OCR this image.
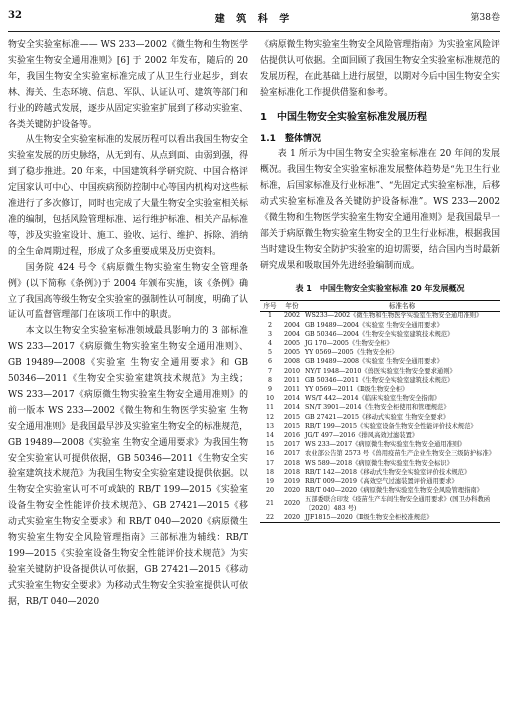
32	建 筑 科 学	第38卷

物安全实验室标准—— WS 233—2002《微生物和生物医学实验室生物安全通用准则》[6] 于 2002 年发布，随后的 20 年，我国生物安全实验室标准完成了从卫生行业起步，到农林、海关、生态环境、信息、军队、认证认可、建筑等部门和行业的跨越式发展，逐步从固定实验室扩展到了移动实验室、各类关键防护设备等。

从生物安全实验室标准的发展历程可以看出我国生物安全实验室发展的历史脉络，从无到有、从点到面、由弱到强，得到了稳步推进。20 年来，中国建筑科学研究院、中国合格评定国家认可中心、中国疾病预防控制中心等国内机构对这些标准进行了多次修订，同时也完成了大量生物安全实验室相关标准的编制，包括风险管理标准、运行维护标准、相关产品标准等，涉及实验室设计、施工、验收、运行、维护、拆除、消纳的全生命周期过程，形成了众多重要成果及历史资料。

国务院 424 号令《病原微生物实验室生物安全管理条例》(以下简称《条例》)于 2004 年颁布实施，该《条例》确立了我国高等级生物安全实验室的强制性认可制度，明确了认证认可监督管理部门在该项工作中的职责。

本文以生物安全实验室标准领域最具影响力的 3 部标准 WS 233—2017《病原微生物实验室生物安全通用准则》、GB 19489—2008《实验室 生物安全通用要求》和 GB 50346—2011《生物安全实验室建筑技术规范》为主线；WS 233—2017《病原微生物实验室生物安全通用准则》的前一版本 WS 233—2002《微生物和生物医学实验室 生物安全通用准则》是我国最早涉及实验室生物安全的标准规范，GB 19489—2008《实验室 生物安全通用要求》为我国生物安全实验室认可提供依据，GB 50346—2011《生物安全实验室建筑技术规范》为我国生物安全实验室建设提供依据。以生物安全实验室认可不可或缺的 RB/T 199—2015《实验室设备生物安全性能评价技术规范》、GB 27421—2015《移动式实验室生物安全要求》和 RB/T 040—2020《病原微生物实验室生物安全风险管理指南》三部标准为辅线：RB/T 199—2015《实验室设备生物安全性能评价技术规范》为实验室关键防护设备提供认可依据，GB 27421—2015《移动式实验室生物安全要求》为移动式生物安全实验室提供认可依据，RB/T 040—2020

《病原微生物实验室生物安全风险管理指南》为实验室风险评估提供认可依据。全面回顾了我国生物安全实验室标准规范的发展历程，在此基础上进行展望，以期对今后中国生物安全实验室标准化工作提供借鉴和参考。

1　中国生物安全实验室标准发展历程
1.1　整体情况

表 1 所示为中国生物安全实验室标准在 20 年间的发展概况。我国生物安全实验室标准发展整体趋势是“先卫生行业标准，后国家标准及行业标准”、“先固定式实验室标准，后移动式实验室标准及各关键防护设备标准”。WS 233—2002《微生物和生物医学实验室生物安全通用准则》是我国最早一部关于病原微生物实验室生物安全的卫生行业标准，根据我国当时建设生物安全防护实验室的迫切需要，结合国内当时最新研究成果和吸取国外先进经验编制而成。

表 1　中国生物安全实验室标准 20 年发展概况
序号	年份	标准名称
1	2002	WS233—2002《微生物和生物医学实验室生物安全通用准则》
2	2004	GB 19489—2004《实验室 生物安全通用要求》
3	2004	GB 50346—2004《生物安全实验室建筑技术规范》
4	2005	JG 170—2005《生物安全柜》
5	2005	YY 0569—2005《生物安全柜》
6	2008	GB 19489—2008《实验室 生物安全通用要求》
7	2010	NY/T 1948—2010《兽医实验室生物安全要求通则》
8	2011	GB 50346—2011《生物安全实验室建筑技术规范》
9	2011	YY 0569—2011《Ⅱ级生物安全柜》
10	2014	WS/T 442—2014《临床实验室生物安全指南》
11	2014	SN/T 3901—2014《生物安全柜使用和管理规范》
12	2015	GB 27421—2015《移动式实验室 生物安全要求》
13	2015	RB/T 199—2015《实验室设备生物安全性能评价技术规范》
14	2016	JG/T 497—2016《排风高效过滤装置》
15	2017	WS 233—2017《病原微生物实验室生物安全通用准则》
16	2017	农业部公告第 2573 号《兽用疫苗生产企业生物安全三级防护标准》
17	2018	WS 589—2018《病原微生物实验室生物安全标识》
18	2018	RB/T 142—2018《移动式生物安全实验室评价技术规范》
19	2019	RB/T 009—2019《高效空气过滤装置评价通用要求》
20	2020	RB/T 040—2020《病原微生物实验室生物安全风险管理指南》
21	2020	五部委联合印发《疫苗生产车间生物安全通用要求》(国卫办科教函〔2020〕483 号)
22	2020	JJF1815—2020《Ⅱ级生物安全柜校准规范》
